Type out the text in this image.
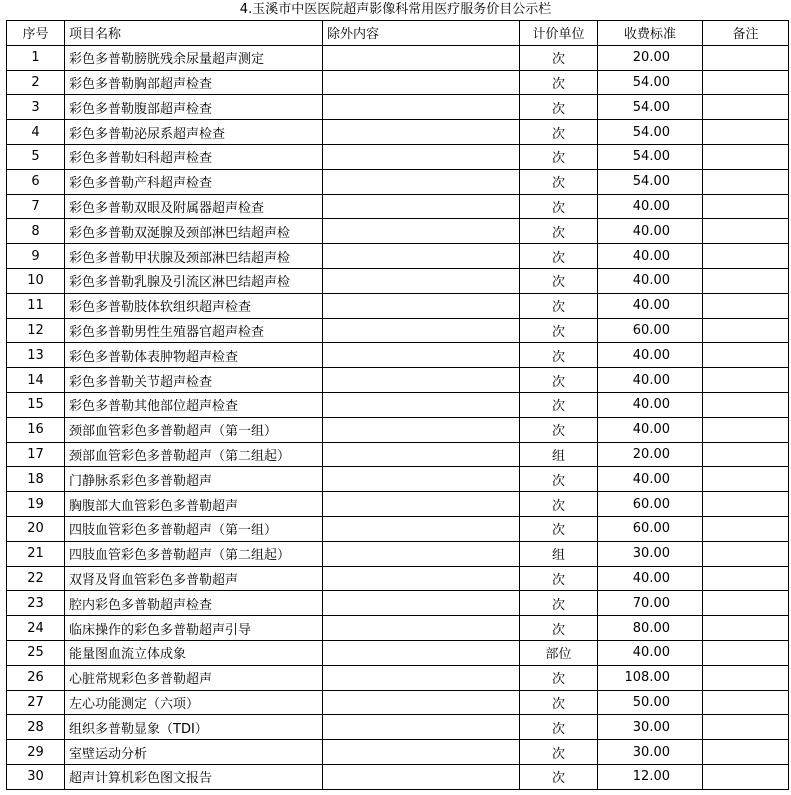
4.玉溪市中医医院超声影像科常用医疗服务价目公示栏
序号	项目名称	除外内容	计价单位	收费标准	备注
1	彩色多普勒膀胱残余尿量超声测定		次	20.00	
2	彩色多普勒胸部超声检查		次	54.00	
3	彩色多普勒腹部超声检查		次	54.00	
4	彩色多普勒泌尿系超声检查		次	54.00	
5	彩色多普勒妇科超声检查		次	54.00	
6	彩色多普勒产科超声检查		次	54.00	
7	彩色多普勒双眼及附属器超声检查		次	40.00	
8	彩色多普勒双涎腺及颈部淋巴结超声检		次	40.00	
9	彩色多普勒甲状腺及颈部淋巴结超声检		次	40.00	
10	彩色多普勒乳腺及引流区淋巴结超声检		次	40.00	
11	彩色多普勒肢体软组织超声检查		次	40.00	
12	彩色多普勒男性生殖器官超声检查		次	60.00	
13	彩色多普勒体表肿物超声检查		次	40.00	
14	彩色多普勒关节超声检查		次	40.00	
15	彩色多普勒其他部位超声检查		次	40.00	
16	颈部血管彩色多普勒超声（第一组）		次	40.00	
17	颈部血管彩色多普勒超声（第二组起）		组	20.00	
18	门静脉系彩色多普勒超声		次	40.00	
19	胸腹部大血管彩色多普勒超声		次	60.00	
20	四肢血管彩色多普勒超声（第一组）		次	60.00	
21	四肢血管彩色多普勒超声（第二组起）		组	30.00	
22	双肾及肾血管彩色多普勒超声		次	40.00	
23	腔内彩色多普勒超声检查		次	70.00	
24	临床操作的彩色多普勒超声引导		次	80.00	
25	能量图血流立体成象		部位	40.00	
26	心脏常规彩色多普勒超声		次	108.00	
27	左心功能测定（六项）		次	50.00	
28	组织多普勒显象（TDI）		次	30.00	
29	室壁运动分析		次	30.00	
30	超声计算机彩色图文报告		次	12.00	
